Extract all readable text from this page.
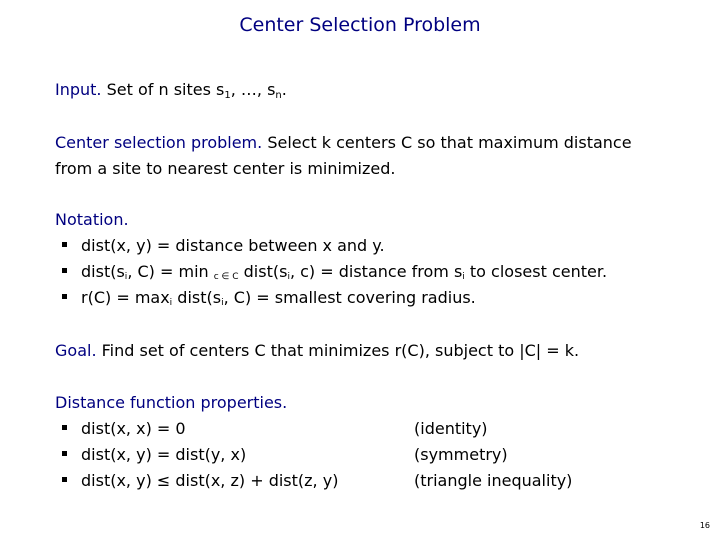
Center Selection Problem
Input. Set of n sites $s_1$, …, $s_n$.
Center selection problem. Select k centers C so that maximum distance
from a site to nearest center is minimized.
Notation.
dist(x, y) = distance between x and y.
dist(si, C) = min c ∈ C dist(si, c) = distance from si to closest center.
r(C) = maxi dist(si, C) = smallest covering radius.
Goal. Find set of centers C that minimizes r(C), subject to |C| = k.
Distance function properties.
dist(x, x) = 0	(identity)
dist(x, y) = dist(y, x)	(symmetry)
dist(x, y) ≤ dist(x, z) + dist(z, y)	(triangle inequality)
16
